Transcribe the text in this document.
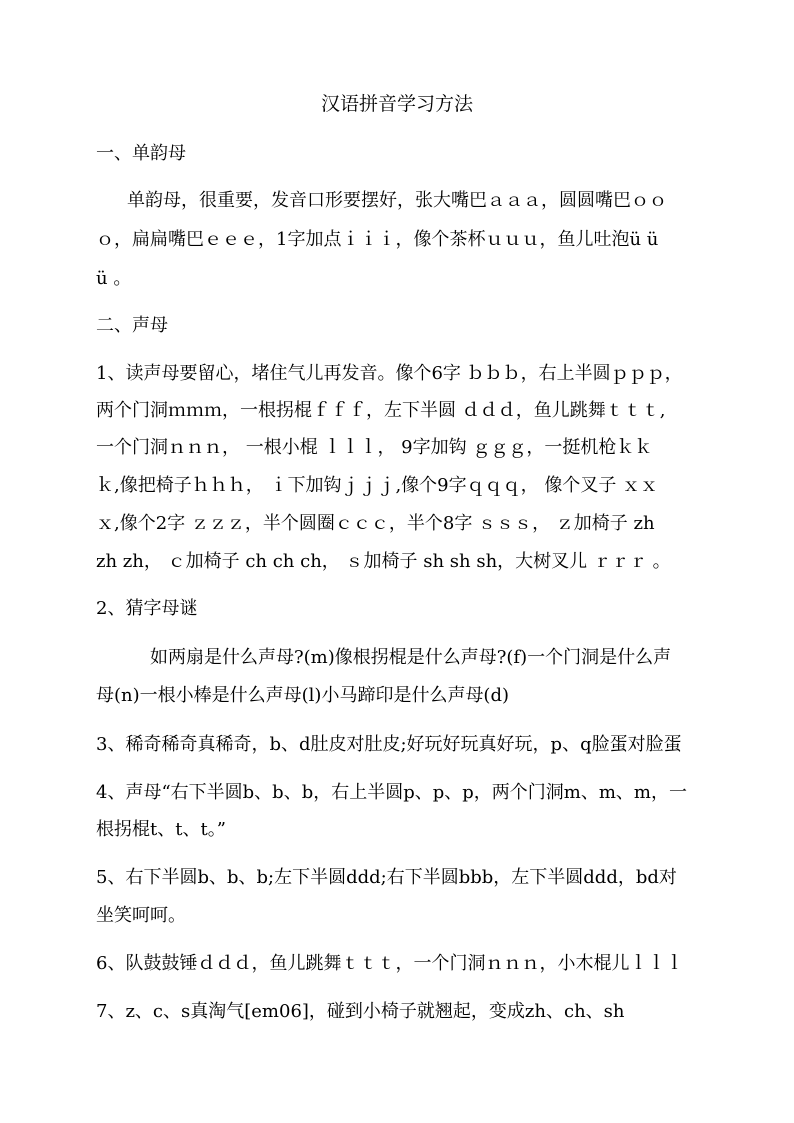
汉语拼音学习方法
一、单韵母
单韵母，很重要，发音口形要摆好，张大嘴巴ａａａ，圆圆嘴巴ｏｏ
ｏ，扁扁嘴巴ｅｅｅ，1字加点ｉｉｉ，像个茶杯ｕｕｕ，鱼儿吐泡ü ü
ü 。
二、声母
1、读声母要留心，堵住气儿再发音。像个6字 ｂｂｂ，右上半圆ｐｐｐ，
两个门洞ｍｍｍ，一根拐棍ｆｆｆ，左下半圆 ｄｄｄ，鱼儿跳舞ｔｔｔ,
一个门洞ｎｎｎ， 一根小棍 ｌｌｌ， 9字加钩 ｇｇｇ，一挺机枪ｋｋ
ｋ,像把椅子ｈｈｈ， ｉ下加钩ｊｊｊ,像个9字ｑｑｑ， 像个叉子 ｘｘ
ｘ,像个2字 ｚｚｚ，半个圆圈ｃｃｃ，半个8字 ｓｓｓ， ｚ加椅子 zh
zh zh， ｃ加椅子 ch ch ch， ｓ加椅子 sh sh sh，大树叉儿 ｒｒｒ 。
2、猜字母谜
如两扇是什么声母?(m)像根拐棍是什么声母?(f)一个门洞是什么声
母(n)一根小棒是什么声母(l)小马蹄印是什么声母(d)
3、稀奇稀奇真稀奇，b、d肚皮对肚皮;好玩好玩真好玩，p、q脸蛋对脸蛋
4、声母“右下半圆b、b、b，右上半圆p、p、p，两个门洞m、m、m，一
根拐棍t、t、t。”
5、右下半圆b、b、b;左下半圆ddd;右下半圆bbb，左下半圆ddd，bd对
坐笑呵呵。
6、队鼓鼓锤ｄｄｄ，鱼儿跳舞ｔｔｔ，一个门洞ｎｎｎ，小木棍儿ｌｌｌ
7、z、c、s真淘气[em06]，碰到小椅子就翘起，变成zh、ch、sh
